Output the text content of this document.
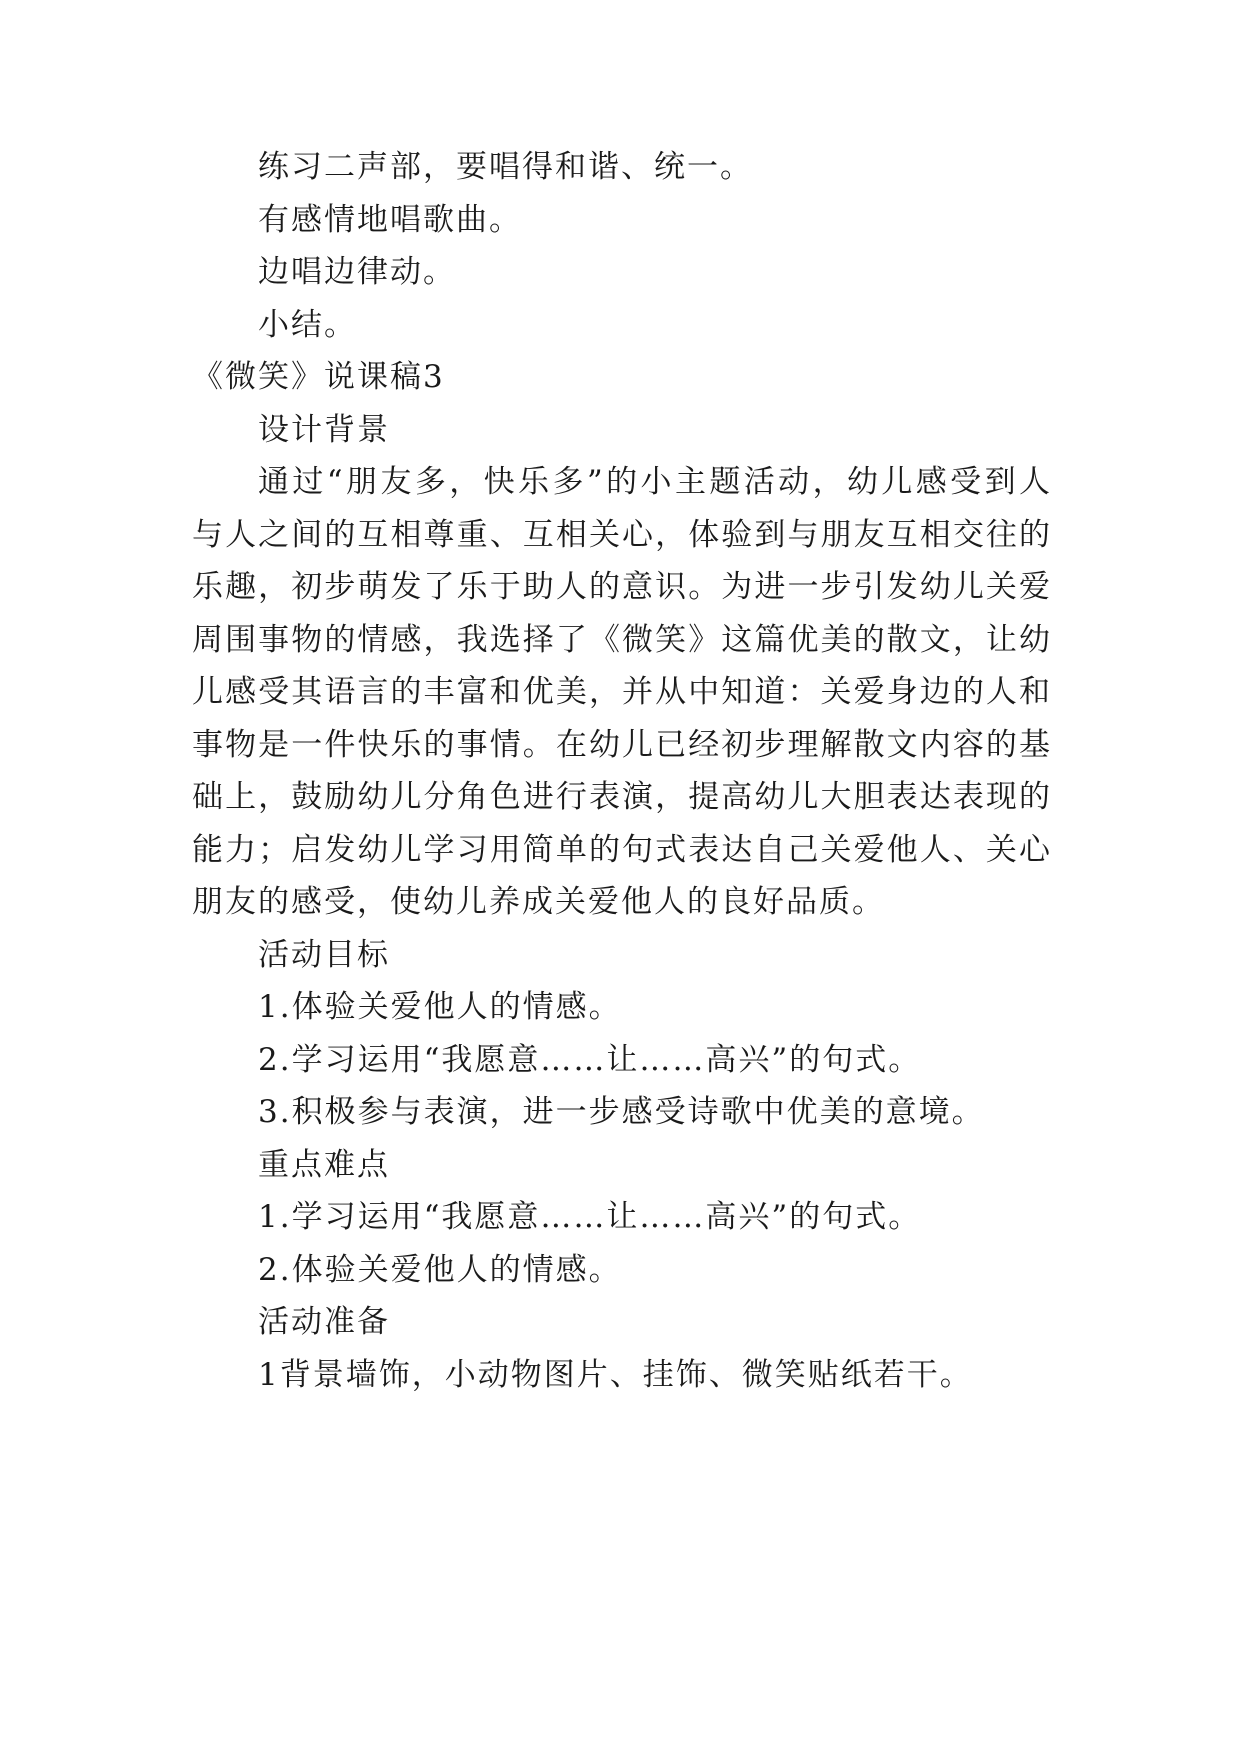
练习二声部，要唱得和谐、统一。
有感情地唱歌曲。
边唱边律动。
小结。
《微笑》说课稿3
设计背景
通过“朋友多，快乐多”的小主题活动，幼儿感受到人
与人之间的互相尊重、互相关心，体验到与朋友互相交往的
乐趣，初步萌发了乐于助人的意识。为进一步引发幼儿关爱
周围事物的情感，我选择了《微笑》这篇优美的散文，让幼
儿感受其语言的丰富和优美，并从中知道：关爱身边的人和
事物是一件快乐的事情。在幼儿已经初步理解散文内容的基
础上，鼓励幼儿分角色进行表演，提高幼儿大胆表达表现的
能力；启发幼儿学习用简单的句式表达自己关爱他人、关心
朋友的感受，使幼儿养成关爱他人的良好品质。
活动目标
1.体验关爱他人的情感。
2.学习运用“我愿意……让……高兴”的句式。
3.积极参与表演，进一步感受诗歌中优美的意境。
重点难点
1.学习运用“我愿意……让……高兴”的句式。
2.体验关爱他人的情感。
活动准备
1背景墙饰，小动物图片、挂饰、微笑贴纸若干。
